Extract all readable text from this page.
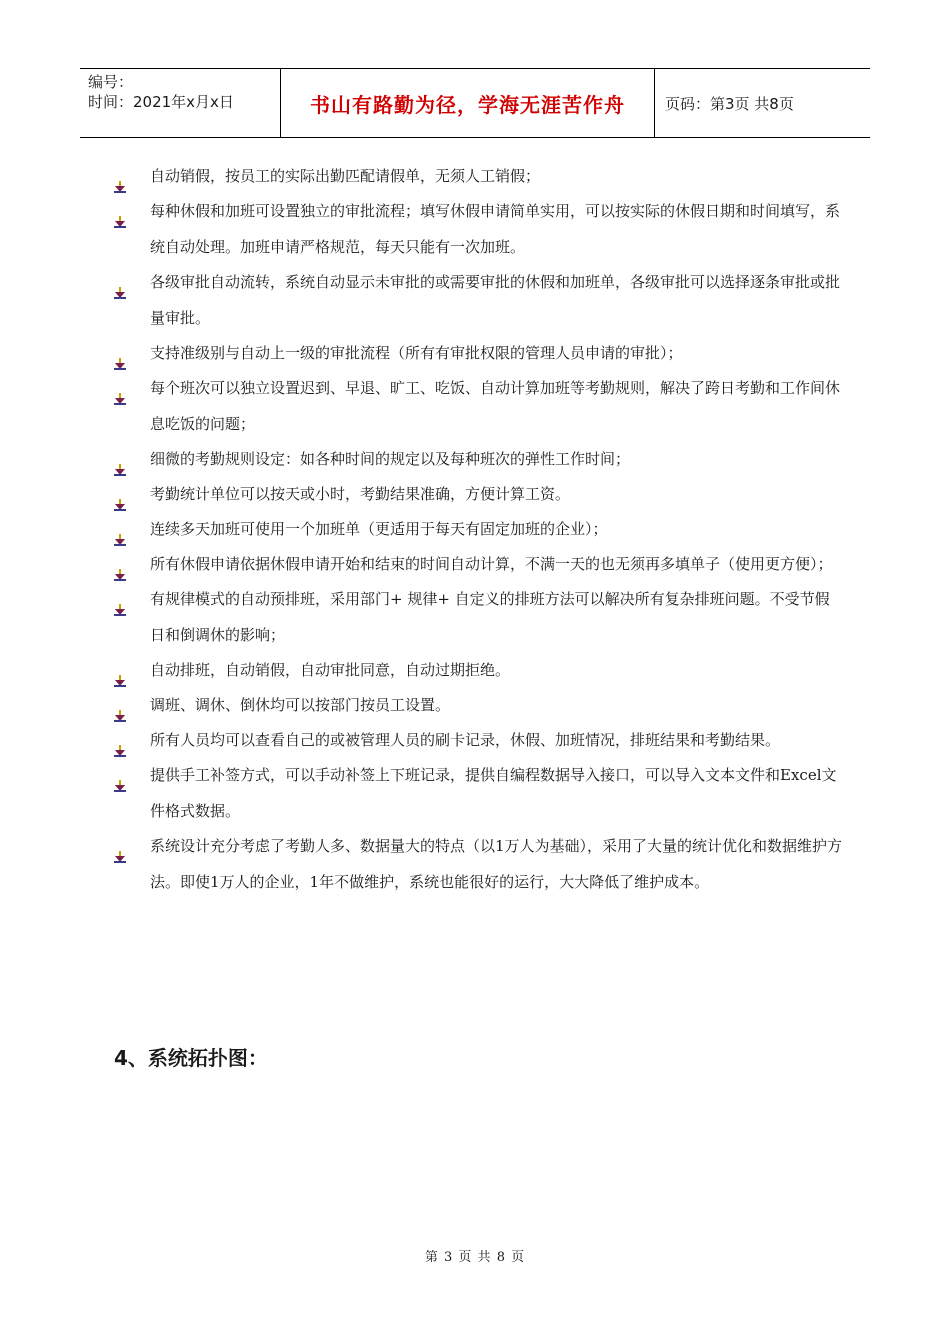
编号：
时间：2021年x月x日	书山有路勤为径，学海无涯苦作舟	页码：第3页 共8页
自动销假，按员工的实际出勤匹配请假单，无须人工销假；
每种休假和加班可设置独立的审批流程；填写休假申请简单实用，可以按实际的休假日期和时间填写，系统自动处理。加班申请严格规范，每天只能有一次加班。
各级审批自动流转，系统自动显示未审批的或需要审批的休假和加班单，各级审批可以选择逐条审批或批量审批。
支持准级别与自动上一级的审批流程（所有有审批权限的管理人员申请的审批）；
每个班次可以独立设置迟到、早退、旷工、吃饭、自动计算加班等考勤规则，解决了跨日考勤和工作间休息吃饭的问题；
细微的考勤规则设定：如各种时间的规定以及每种班次的弹性工作时间；
考勤统计单位可以按天或小时，考勤结果准确，方便计算工资。
连续多天加班可使用一个加班单（更适用于每天有固定加班的企业）；
所有休假申请依据休假申请开始和结束的时间自动计算，不满一天的也无须再多填单子（使用更方便）；
有规律模式的自动预排班，采用部门+ 规律+ 自定义的排班方法可以解决所有复杂排班问题。不受节假日和倒调休的影响；
自动排班，自动销假，自动审批同意，自动过期拒绝。
调班、调休、倒休均可以按部门按员工设置。
所有人员均可以查看自己的或被管理人员的刷卡记录，休假、加班情况，排班结果和考勤结果。
提供手工补签方式，可以手动补签上下班记录，提供自编程数据导入接口，可以导入文本文件和Excel文件格式数据。
系统设计充分考虑了考勤人多、数据量大的特点（以1万人为基础），采用了大量的统计优化和数据维护方法。即使1万人的企业，1年不做维护，系统也能很好的运行，大大降低了维护成本。
4、系统拓扑图：
第 3 页 共 8 页
